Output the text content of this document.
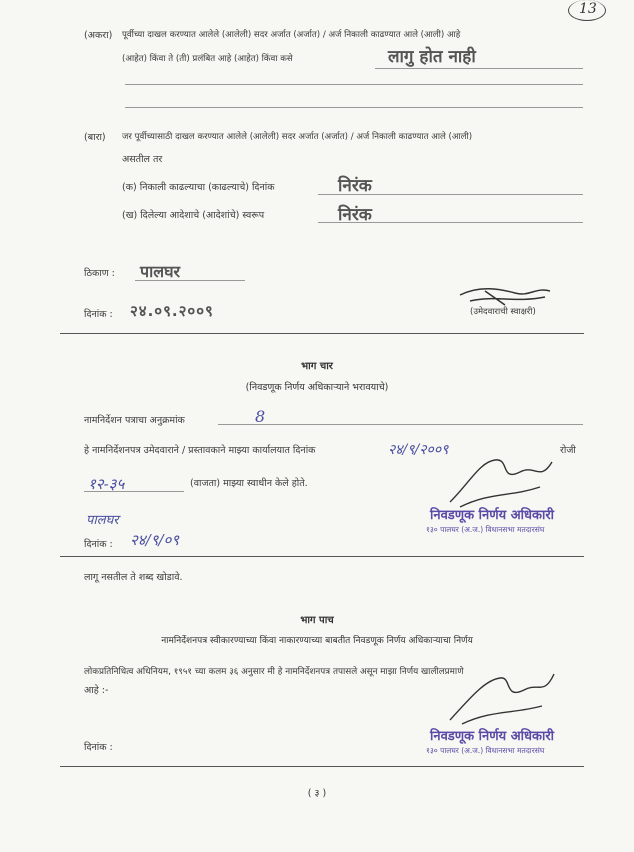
13
(अकरा) पूर्वीच्या दाखल करण्यात आलेले (आलेली) सदर अर्जात (अर्जात) / अर्ज निकाली काढण्यात आले (आली) आहे
(आहेत) किंवा ते (ती) प्रलंबित आहे (आहेत) किंवा कसे	लागु होत नाही
(बारा) जर पूर्वीच्यासाठी दाखल करण्यात आलेले (आलेली) सदर अर्जात (अर्जात) / अर्ज निकाली काढण्यात आले (आली)
असतील तर
(क) निकाली काढल्याचा (काढल्याचे) दिनांक	निरंक
(ख) दिलेल्या आदेशाचे (आदेशांचे) स्वरूप	निरंक
ठिकाण : पालघर
दिनांक : २४.०९.२००९	(उमेदवाराची स्वाक्षरी)
भाग चार
(निवडणूक निर्णय अधिकाऱ्याने भरावयाचे)
नामनिर्देशन पत्राचा अनुक्रमांक	8
हे नामनिर्देशनपत्र उमेदवाराने / प्रस्तावकाने माझ्या कार्यालयात दिनांक	२४/९/२००९	रोजी
१२-३५	(वाजता) माझ्या स्वाधीन केले होते.
पालघर
दिनांक : २४/९/०९
निवडणूक निर्णय अधिकारी
१३० पालघर (अ.ज.) विधानसभा मतदारसंघ
लागू नसतील ते शब्द खोडावे.
भाग पाच
नामनिर्देशनपत्र स्वीकारण्याच्या किंवा नाकारण्याच्या बाबतीत निवडणूक निर्णय अधिकाऱ्याचा निर्णय
लोकप्रतिनिधित्व अधिनियम, १९५१ च्या कलम ३६ अनुसार मी हे नामनिर्देशनपत्र तपासले असून माझा निर्णय खालीलप्रमाणे
आहे :-
निवडणूक निर्णय अधिकारी
१३० पालघर (अ.ज.) विधानसभा मतदारसंघ
दिनांक :
( ३ )
